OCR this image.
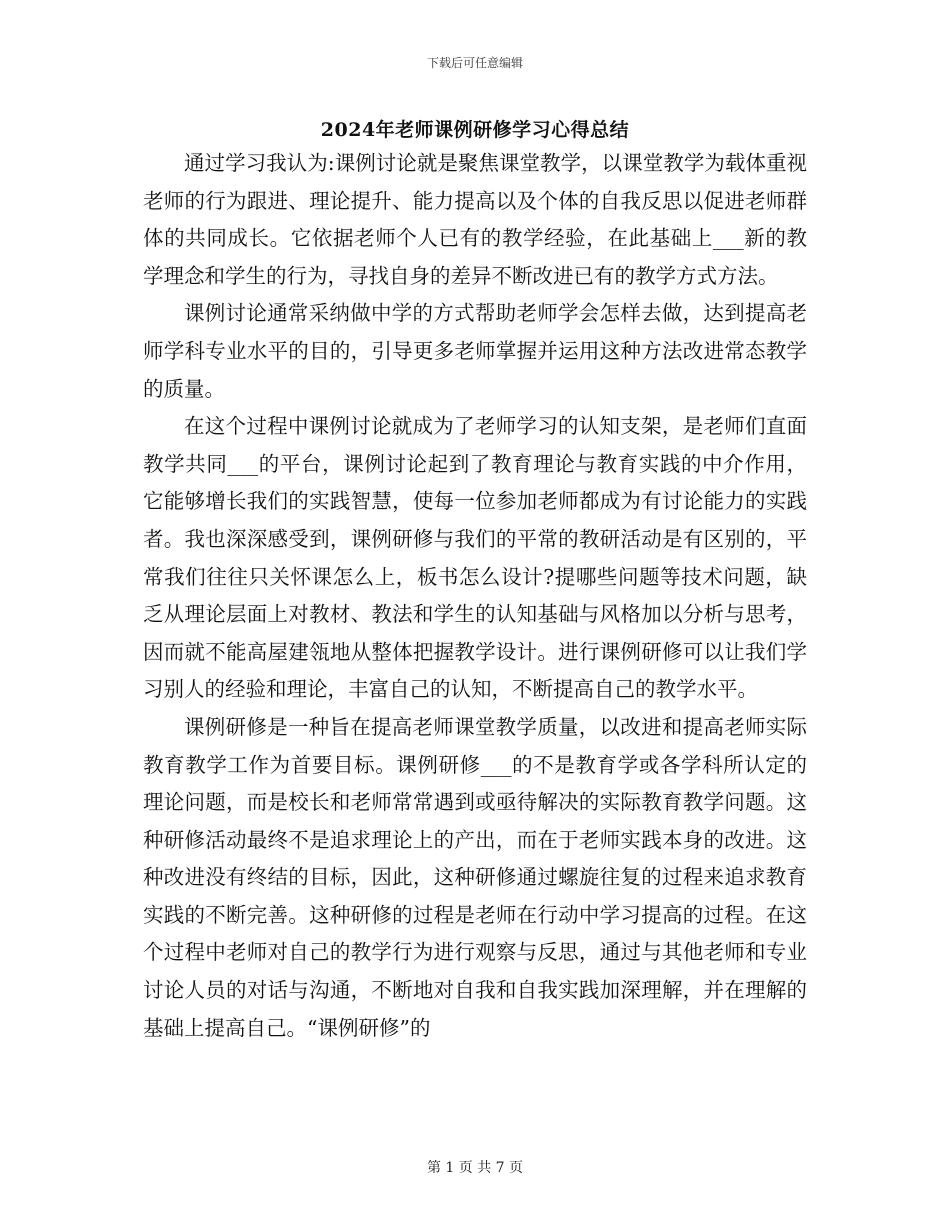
下载后可任意编辑
2024年老师课例研修学习心得总结

通过学习我认为:课例讨论就是聚焦课堂教学，以课堂教学为载体重视老师的行为跟进、理论提升、能力提高以及个体的自我反思以促进老师群体的共同成长。它依据老师个人已有的教学经验，在此基础上___新的教学理念和学生的行为，寻找自身的差异不断改进已有的教学方式方法。

课例讨论通常采纳做中学的方式帮助老师学会怎样去做，达到提高老师学科专业水平的目的，引导更多老师掌握并运用这种方法改进常态教学的质量。

在这个过程中课例讨论就成为了老师学习的认知支架，是老师们直面教学共同___的平台，课例讨论起到了教育理论与教育实践的中介作用，它能够增长我们的实践智慧，使每一位参加老师都成为有讨论能力的实践者。我也深深感受到，课例研修与我们的平常的教研活动是有区别的，平常我们往往只关怀课怎么上，板书怎么设计?提哪些问题等技术问题，缺乏从理论层面上对教材、教法和学生的认知基础与风格加以分析与思考，因而就不能高屋建瓴地从整体把握教学设计。进行课例研修可以让我们学习别人的经验和理论，丰富自己的认知，不断提高自己的教学水平。

课例研修是一种旨在提高老师课堂教学质量，以改进和提高老师实际教育教学工作为首要目标。课例研修___的不是教育学或各学科所认定的理论问题，而是校长和老师常常遇到或亟待解决的实际教育教学问题。这种研修活动最终不是追求理论上的产出，而在于老师实践本身的改进。这种改进没有终结的目标，因此，这种研修通过螺旋往复的过程来追求教育实践的不断完善。这种研修的过程是老师在行动中学习提高的过程。在这个过程中老师对自己的教学行为进行观察与反思，通过与其他老师和专业讨论人员的对话与沟通，不断地对自我和自我实践加深理解，并在理解的基础上提高自己。“课例研修”的

第 1 页 共 7 页
